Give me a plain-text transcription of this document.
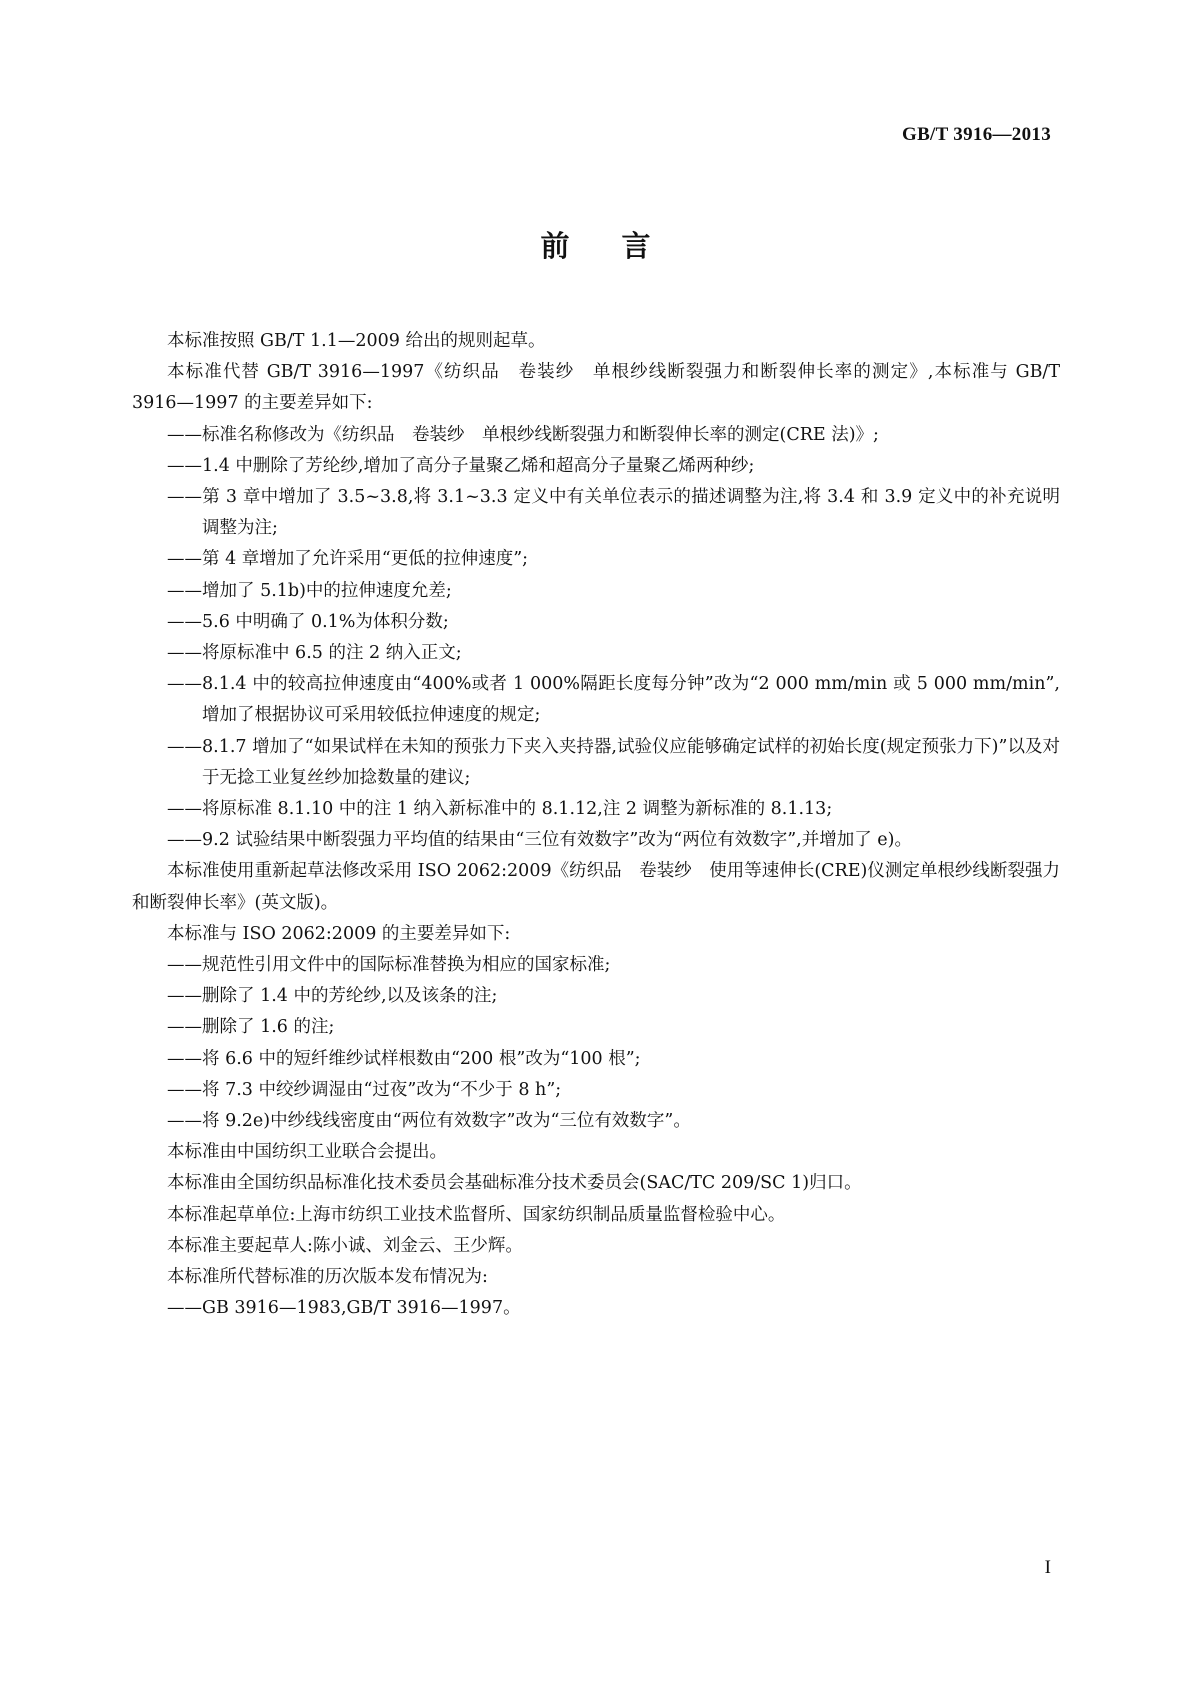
GB/T 3916—2013
前言

本标准按照 GB/T 1.1—2009 给出的规则起草。

本标准代替 GB/T 3916—1997《纺织品　卷装纱　单根纱线断裂强力和断裂伸长率的测定》,本标准与 GB/T 3916—1997 的主要差异如下:

——标准名称修改为《纺织品　卷装纱　单根纱线断裂强力和断裂伸长率的测定(CRE 法)》;

——1.4 中删除了芳纶纱,增加了高分子量聚乙烯和超高分子量聚乙烯两种纱;

——第 3 章中增加了 3.5~3.8,将 3.1~3.3 定义中有关单位表示的描述调整为注,将 3.4 和 3.9 定义中的补充说明调整为注;

——第 4 章增加了允许采用“更低的拉伸速度”;

——增加了 5.1b)中的拉伸速度允差;

——5.6 中明确了 0.1%为体积分数;

——将原标准中 6.5 的注 2 纳入正文;

——8.1.4 中的较高拉伸速度由“400%或者 1 000%隔距长度每分钟”改为“2 000 mm/min 或 5 000 mm/min”,增加了根据协议可采用较低拉伸速度的规定;

——8.1.7 增加了“如果试样在未知的预张力下夹入夹持器,试验仪应能够确定试样的初始长度(规定预张力下)”以及对于无捻工业复丝纱加捻数量的建议;

——将原标准 8.1.10 中的注 1 纳入新标准中的 8.1.12,注 2 调整为新标准的 8.1.13;

——9.2 试验结果中断裂强力平均值的结果由“三位有效数字”改为“两位有效数字”,并增加了 e)。

本标准使用重新起草法修改采用 ISO 2062:2009《纺织品　卷装纱　使用等速伸长(CRE)仪测定单根纱线断裂强力和断裂伸长率》(英文版)。

本标准与 ISO 2062:2009 的主要差异如下:

——规范性引用文件中的国际标准替换为相应的国家标准;

——删除了 1.4 中的芳纶纱,以及该条的注;

——删除了 1.6 的注;

——将 6.6 中的短纤维纱试样根数由“200 根”改为“100 根”;

——将 7.3 中绞纱调湿由“过夜”改为“不少于 8 h”;

——将 9.2e)中纱线线密度由“两位有效数字”改为“三位有效数字”。

本标准由中国纺织工业联合会提出。

本标准由全国纺织品标准化技术委员会基础标准分技术委员会(SAC/TC 209/SC 1)归口。

本标准起草单位:上海市纺织工业技术监督所、国家纺织制品质量监督检验中心。

本标准主要起草人:陈小诚、刘金云、王少辉。

本标准所代替标准的历次版本发布情况为:

——GB 3916—1983,GB/T 3916—1997。

I
